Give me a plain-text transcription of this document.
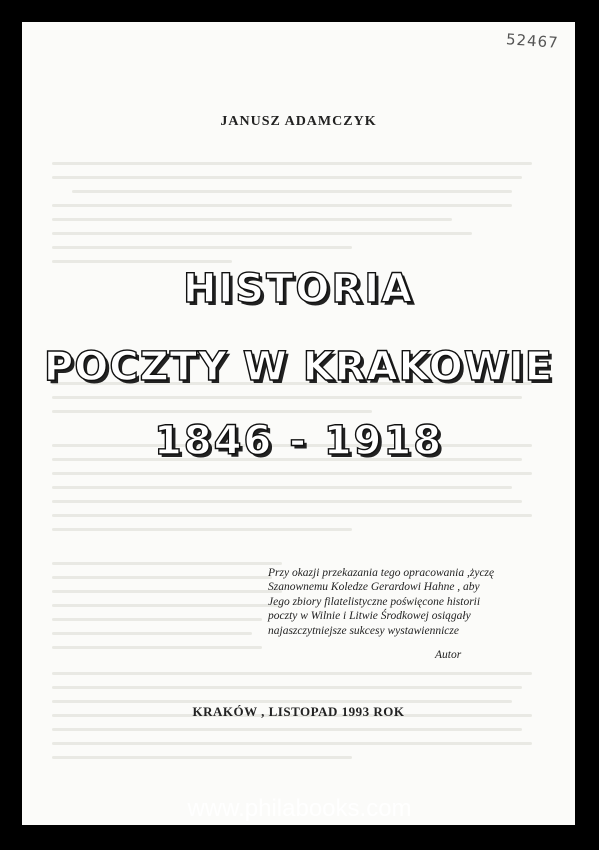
52467
JANUSZ ADAMCZYK
HISTORIA
POCZTY W KRAKOWIE
1846 - 1918
Przy okazji przekazania tego opracowania ,życzę
Szanownemu Koledze Gerardowi Hahne , aby
Jego zbiory filatelistyczne poświęcone historii
poczty w Wilnie i Litwie Środkowej osiągały
najaszczytniejsze sukcesy wystawiennicze
Autor
KRAKÓW , LISTOPAD 1993 ROK
www.philabooks.com
